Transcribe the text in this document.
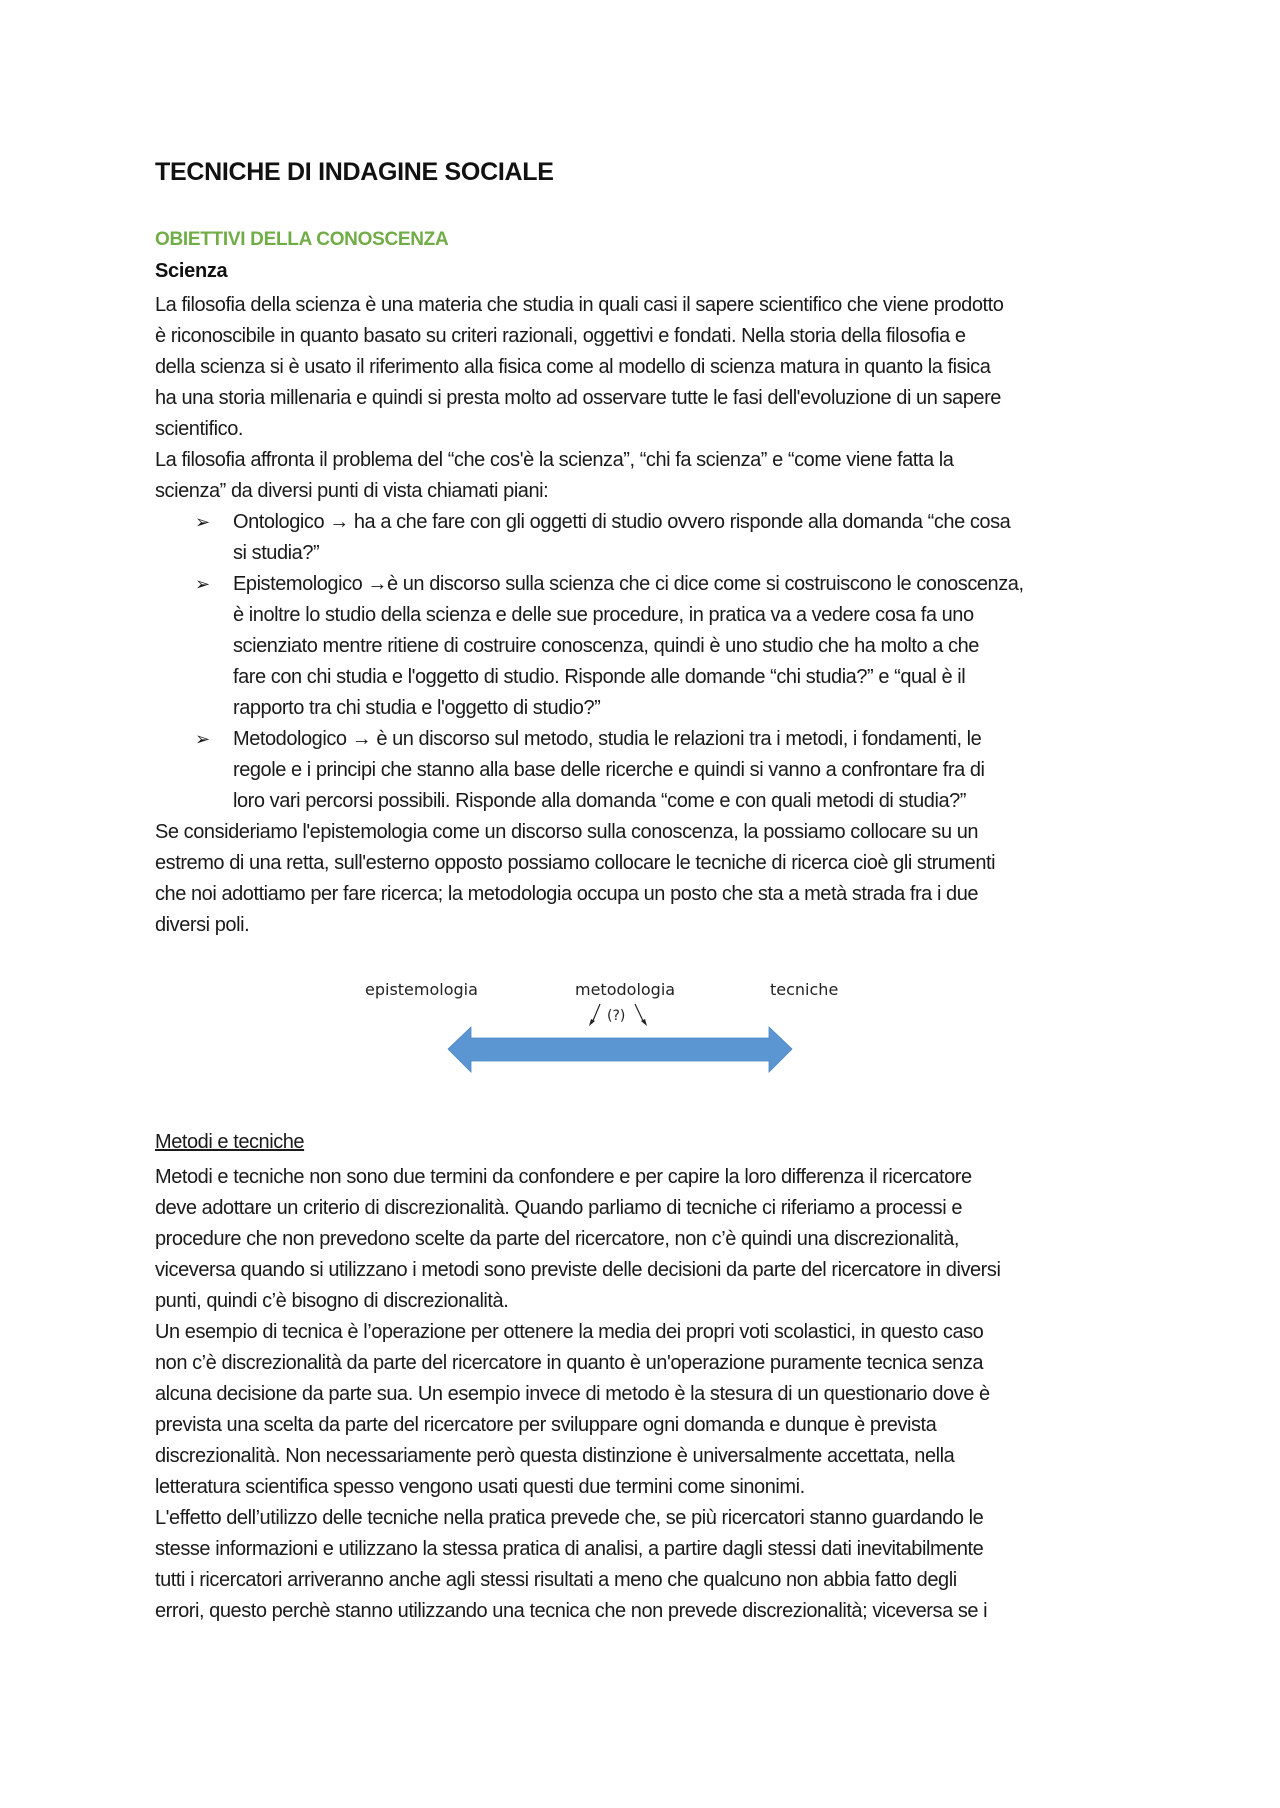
TECNICHE DI INDAGINE SOCIALE
OBIETTIVI DELLA CONOSCENZA
Scienza
La filosofia della scienza è una materia che studia in quali casi il sapere scientifico che viene prodotto
è riconoscibile in quanto basato su criteri razionali, oggettivi e fondati. Nella storia della filosofia e
della scienza si è usato il riferimento alla fisica come al modello di scienza matura in quanto la fisica
ha una storia millenaria e quindi si presta molto ad osservare tutte le fasi dell'evoluzione di un sapere
scientifico.
La filosofia affronta il problema del “che cos'è la scienza”, “chi fa scienza” e “come viene fatta la
scienza” da diversi punti di vista chiamati piani:
➢ Ontologico → ha a che fare con gli oggetti di studio ovvero risponde alla domanda “che cosa
si studia?”
➢ Epistemologico →è un discorso sulla scienza che ci dice come si costruiscono le conoscenza,
è inoltre lo studio della scienza e delle sue procedure, in pratica va a vedere cosa fa uno
scienziato mentre ritiene di costruire conoscenza, quindi è uno studio che ha molto a che
fare con chi studia e l'oggetto di studio. Risponde alle domande “chi studia?” e “qual è il
rapporto tra chi studia e l'oggetto di studio?”
➢ Metodologico → è un discorso sul metodo, studia le relazioni tra i metodi, i fondamenti, le
regole e i principi che stanno alla base delle ricerche e quindi si vanno a confrontare fra di
loro vari percorsi possibili. Risponde alla domanda “come e con quali metodi di studia?”
Se consideriamo l'epistemologia come un discorso sulla conoscenza, la possiamo collocare su un
estremo di una retta, sull'esterno opposto possiamo collocare le tecniche di ricerca cioè gli strumenti
che noi adottiamo per fare ricerca; la metodologia occupa un posto che sta a metà strada fra i due
diversi poli.
epistemologia	metodologia	tecniche
(?)
Metodi e tecniche
Metodi e tecniche non sono due termini da confondere e per capire la loro differenza il ricercatore
deve adottare un criterio di discrezionalità. Quando parliamo di tecniche ci riferiamo a processi e
procedure che non prevedono scelte da parte del ricercatore, non c’è quindi una discrezionalità,
viceversa quando si utilizzano i metodi sono previste delle decisioni da parte del ricercatore in diversi
punti, quindi c’è bisogno di discrezionalità.
Un esempio di tecnica è l’operazione per ottenere la media dei propri voti scolastici, in questo caso
non c’è discrezionalità da parte del ricercatore in quanto è un'operazione puramente tecnica senza
alcuna decisione da parte sua. Un esempio invece di metodo è la stesura di un questionario dove è
prevista una scelta da parte del ricercatore per sviluppare ogni domanda e dunque è prevista
discrezionalità. Non necessariamente però questa distinzione è universalmente accettata, nella
letteratura scientifica spesso vengono usati questi due termini come sinonimi.
L'effetto dell’utilizzo delle tecniche nella pratica prevede che, se più ricercatori stanno guardando le
stesse informazioni e utilizzano la stessa pratica di analisi, a partire dagli stessi dati inevitabilmente
tutti i ricercatori arriveranno anche agli stessi risultati a meno che qualcuno non abbia fatto degli
errori, questo perchè stanno utilizzando una tecnica che non prevede discrezionalità; viceversa se i
